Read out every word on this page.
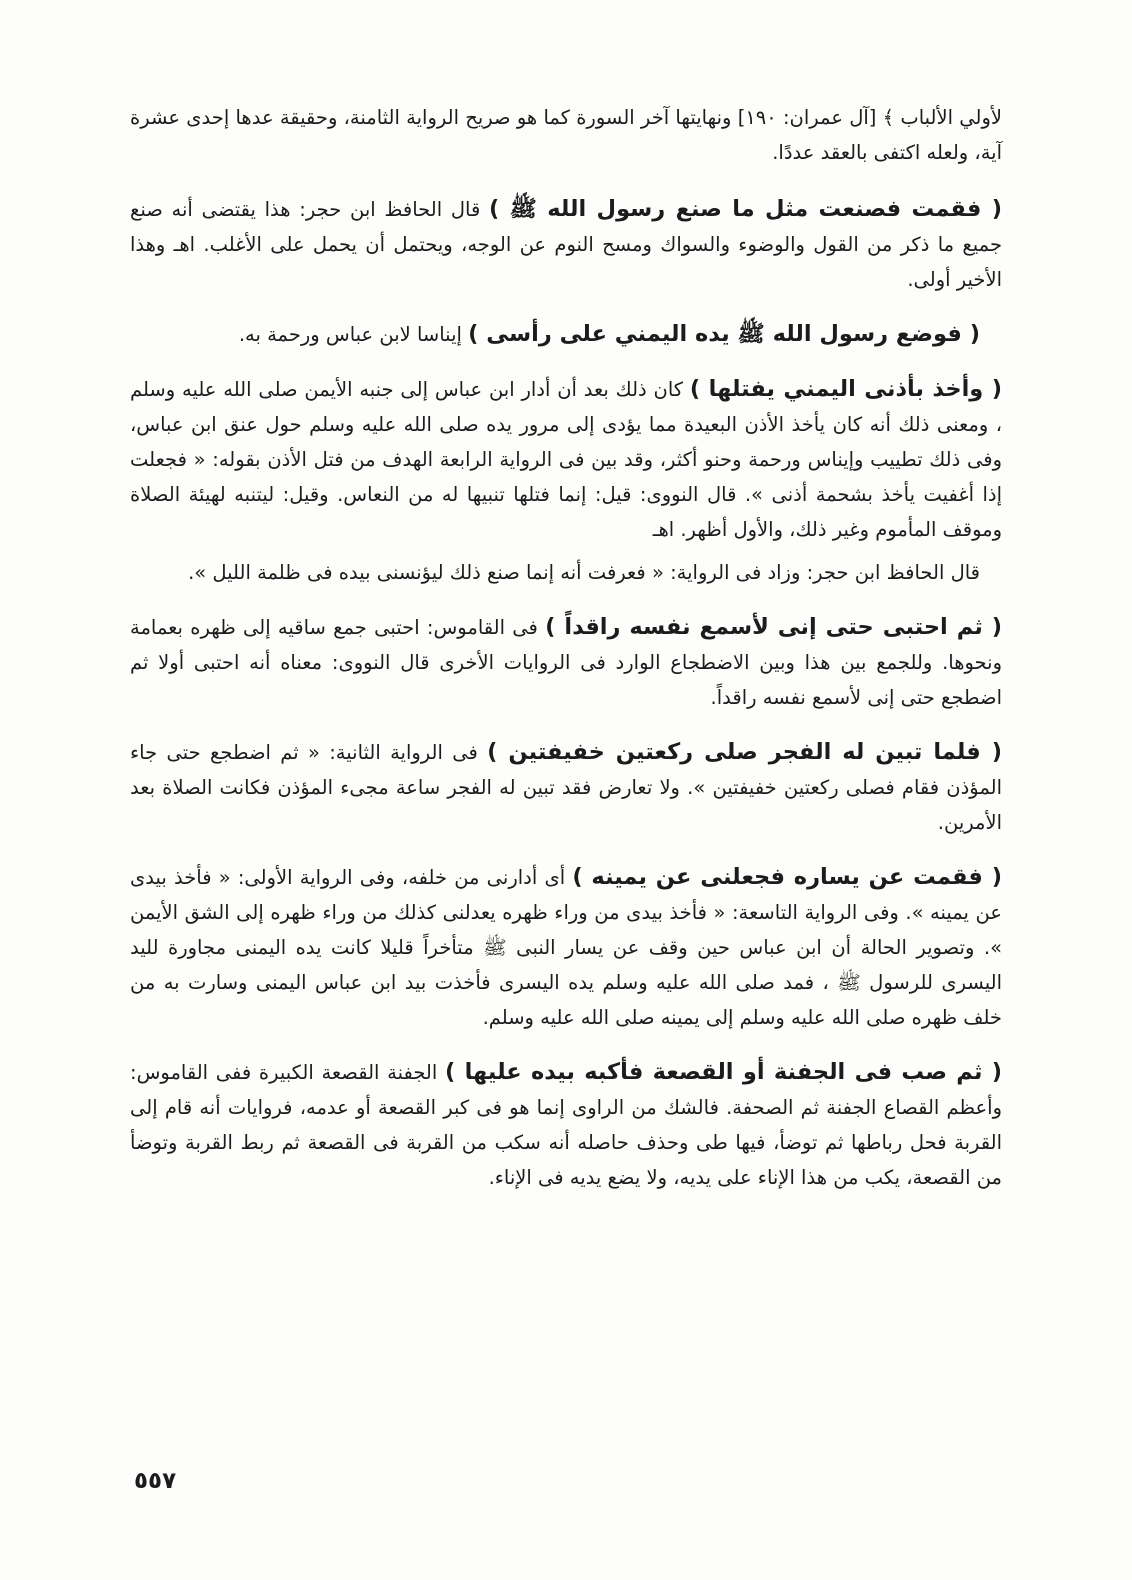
لأولي الألباب ﴾ [آل عمران: ١٩٠] ونهايتها آخر السورة كما هو صريح الرواية الثامنة، وحقيقة عدها إحدى عشرة آية، ولعله اكتفى بالعقد عددًا.

( فقمت فصنعت مثل ما صنع رسول الله ﷺ ) قال الحافظ ابن حجر: هذا يقتضى أنه صنع جميع ما ذكر من القول والوضوء والسواك ومسح النوم عن الوجه، ويحتمل أن يحمل على الأغلب. اهـ وهذا الأخير أولى.

( فوضع رسول الله ﷺ يده اليمني على رأسى ) إيناسا لابن عباس ورحمة به.

( وأخذ بأذنى اليمني يفتلها ) كان ذلك بعد أن أدار ابن عباس إلى جنبه الأيمن صلى الله عليه وسلم ، ومعنى ذلك أنه كان يأخذ الأذن البعيدة مما يؤدى إلى مرور يده صلى الله عليه وسلم حول عنق ابن عباس، وفى ذلك تطييب وإيناس ورحمة وحنو أكثر، وقد بين فى الرواية الرابعة الهدف من فتل الأذن بقوله: « فجعلت إذا أغفيت يأخذ بشحمة أذنى ». قال النووى: قيل: إنما فتلها تنبيها له من النعاس. وقيل: ليتنبه لهيئة الصلاة وموقف المأموم وغير ذلك، والأول أظهر. اهـ

قال الحافظ ابن حجر: وزاد فى الرواية: « فعرفت أنه إنما صنع ذلك ليؤنسنى بيده فى ظلمة الليل ».

( ثم احتبى حتى إنى لأسمع نفسه راقداً ) فى القاموس: احتبى جمع ساقيه إلى ظهره بعمامة ونحوها. وللجمع بين هذا وبين الاضطجاع الوارد فى الروايات الأخرى قال النووى: معناه أنه احتبى أولا ثم اضطجع حتى إنى لأسمع نفسه راقداً.

( فلما تبين له الفجر صلى ركعتين خفيفتين ) فى الرواية الثانية: « ثم اضطجع حتى جاء المؤذن فقام فصلى ركعتين خفيفتين ». ولا تعارض فقد تبين له الفجر ساعة مجىء المؤذن فكانت الصلاة بعد الأمرين.

( فقمت عن يساره فجعلنى عن يمينه ) أى أدارنى من خلفه، وفى الرواية الأولى: « فأخذ بيدى عن يمينه ». وفى الرواية التاسعة: « فأخذ بيدى من وراء ظهره يعدلنى كذلك من وراء ظهره إلى الشق الأيمن ». وتصوير الحالة أن ابن عباس حين وقف عن يسار النبى ﷺ متأخراً قليلا كانت يده اليمنى مجاورة لليد اليسرى للرسول ﷺ ، فمد صلى الله عليه وسلم يده اليسرى فأخذت بيد ابن عباس اليمنى وسارت به من خلف ظهره صلى الله عليه وسلم إلى يمينه صلى الله عليه وسلم.

( ثم صب فى الجفنة أو القصعة فأكبه بيده عليها ) الجفنة القصعة الكبيرة ففى القاموس: وأعظم القصاع الجفنة ثم الصحفة. فالشك من الراوى إنما هو فى كبر القصعة أو عدمه، فروايات أنه قام إلى القربة فحل رباطها ثم توضأ، فيها طى وحذف حاصله أنه سكب من القربة فى القصعة ثم ربط القربة وتوضأ من القصعة، يكب من هذا الإناء على يديه، ولا يضع يديه فى الإناء.

٥٥٧
